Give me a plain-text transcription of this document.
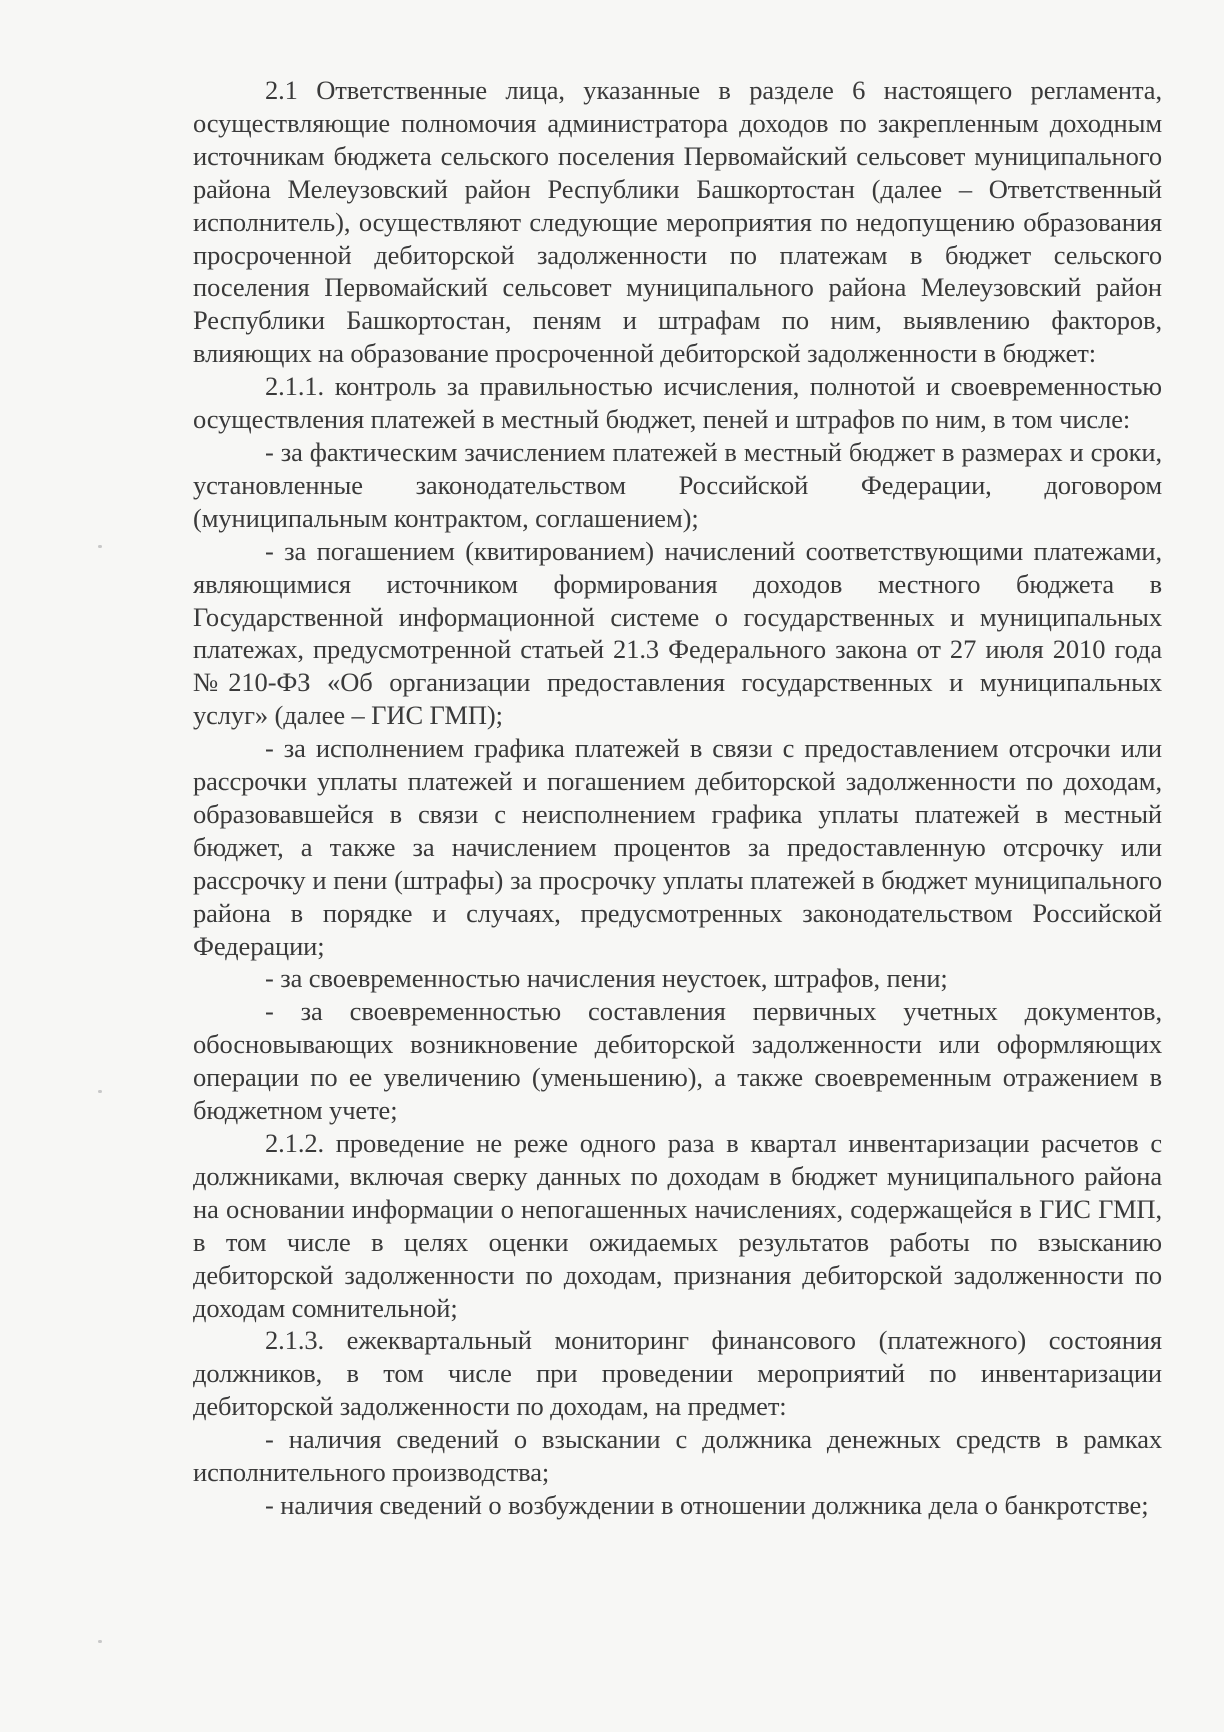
2.1 Ответственные лица, указанные в разделе 6 настоящего регламента, осуществляющие полномочия администратора доходов по закрепленным доходным источникам бюджета сельского поселения Первомайский сельсовет муниципального района Мелеузовский район Республики Башкортостан (далее – Ответственный исполнитель), осуществляют следующие мероприятия по недопущению образования просроченной дебиторской задолженности по платежам в бюджет сельского поселения Первомайский сельсовет муниципального района Мелеузовский район Республики Башкортостан, пеням и штрафам по ним, выявлению факторов, влияющих на образование просроченной дебиторской задолженности в бюджет:

2.1.1. контроль за правильностью исчисления, полнотой и своевременностью осуществления платежей в местный бюджет, пеней и штрафов по ним, в том числе:

- за фактическим зачислением платежей в местный бюджет в размерах и сроки, установленные законодательством Российской Федерации, договором (муниципальным контрактом, соглашением);

- за погашением (квитированием) начислений соответствующими платежами, являющимися источником формирования доходов местного бюджета в Государственной информационной системе о государственных и муниципальных платежах, предусмотренной статьей 21.3 Федерального закона от 27 июля 2010 года №210-ФЗ «Об организации предоставления государственных и муниципальных услуг» (далее – ГИС ГМП);

- за исполнением графика платежей в связи с предоставлением отсрочки или рассрочки уплаты платежей и погашением дебиторской задолженности по доходам, образовавшейся в связи с неисполнением графика уплаты платежей в местный бюджет, а также за начислением процентов за предоставленную отсрочку или рассрочку и пени (штрафы) за просрочку уплаты платежей в бюджет муниципального района в порядке и случаях, предусмотренных законодательством Российской Федерации;

- за своевременностью начисления неустоек, штрафов, пени;

- за своевременностью составления первичных учетных документов, обосновывающих возникновение дебиторской задолженности или оформляющих операции по ее увеличению (уменьшению), а также своевременным отражением в бюджетном учете;

2.1.2. проведение не реже одного раза в квартал инвентаризации расчетов с должниками, включая сверку данных по доходам в бюджет муниципального района на основании информации о непогашенных начислениях, содержащейся в ГИС ГМП, в том числе в целях оценки ожидаемых результатов работы по взысканию дебиторской задолженности по доходам, признания дебиторской задолженности по доходам сомнительной;

2.1.3. ежеквартальный мониторинг финансового (платежного) состояния должников, в том числе при проведении мероприятий по инвентаризации дебиторской задолженности по доходам, на предмет:

- наличия сведений о взыскании с должника денежных средств в рамках исполнительного производства;

- наличия сведений о возбуждении в отношении должника дела о банкротстве;
